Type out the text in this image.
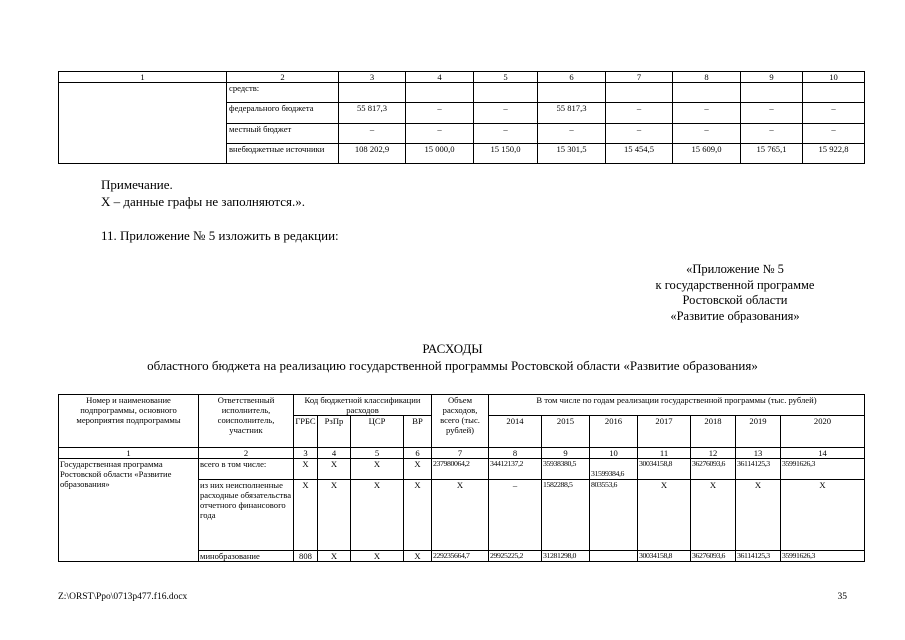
1	2	3	4	5	6	7	8	9	10
	средств:								
	федерального бюджета	55 817,3	–	–	55 817,3	–	–	–	–
	местный бюджет	–	–	–	–	–	–	–	–
	внебюджетные источники	108 202,9	15 000,0	15 150,0	15 301,5	15 454,5	15 609,0	15 765,1	15 922,8
Примечание.
Х – данные графы не заполняются.».
11. Приложение № 5 изложить в редакции:
«Приложение № 5
к государственной программе
Ростовской области
«Развитие образования»
РАСХОДЫ
областного бюджета на реализацию государственной программы Ростовской области «Развитие образования»
Номер и наименование подпрограммы, основного мероприятия подпрограммы	Ответственный исполнитель, соисполнитель, участник	Код бюджетной классификации расходов				Объем расходов, всего (тыс. рублей)	В том числе по годам реализации государственной программы (тыс. рублей)						
		ГРБС	РзПр	ЦСР	ВР		2014	2015	2016	2017	2018	2019	2020

1	2	3	4	5	6	7	8	9	10	11	12	13	14
Государственная программа Ростовской области «Развитие образования»	всего в том числе:	Х	Х	Х	Х	237980064,2	34412137,2	35938380,5	31599384,6	30034158,8	36276093,6	36114125,3	35991626,3
	из них неисполненные расходные обязательства отчетного финансового года	Х	Х	Х	Х	Х	–	1582288,5	803553,6	Х	Х	Х	Х
	минобразование	808	Х	Х	Х	229235664,7	29925225,2	31281298,0		30034158,8	36276093,6	36114125,3	35991626,3
Z:\ORST\Ppo\0713p477.f16.docx	35
